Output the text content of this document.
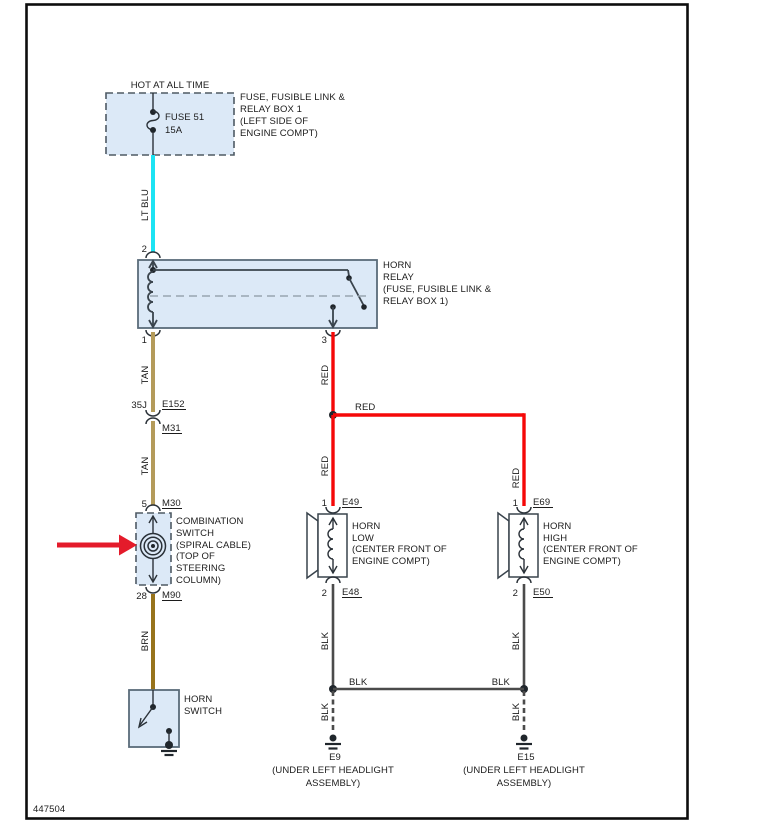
HOT AT ALL TIME
FUSE 51
15A
FUSE, FUSIBLE LINK &
RELAY BOX 1
(LEFT SIDE OF
ENGINE COMPT)
LT BLU
2
1	3
HORN
RELAY
(FUSE, FUSIBLE LINK &
RELAY BOX 1)
TAN
35J E152
M31
TAN
5 M30
28 M90
COMBINATION
SWITCH
(SPIRAL CABLE)
(TOP OF
STEERING
COLUMN)
BRN
HORN
SWITCH
RED
RED
RED
RED
1 E49
2 E48
HORN
LOW
(CENTER FRONT OF
ENGINE COMPT)
1 E69
2 E50
HORN
HIGH
(CENTER FRONT OF
ENGINE COMPT)
BLK	BLK
BLK	BLK
BLK	BLK
E9
(UNDER LEFT HEADLIGHT
ASSEMBLY)
E15
(UNDER LEFT HEADLIGHT
ASSEMBLY)
447504
